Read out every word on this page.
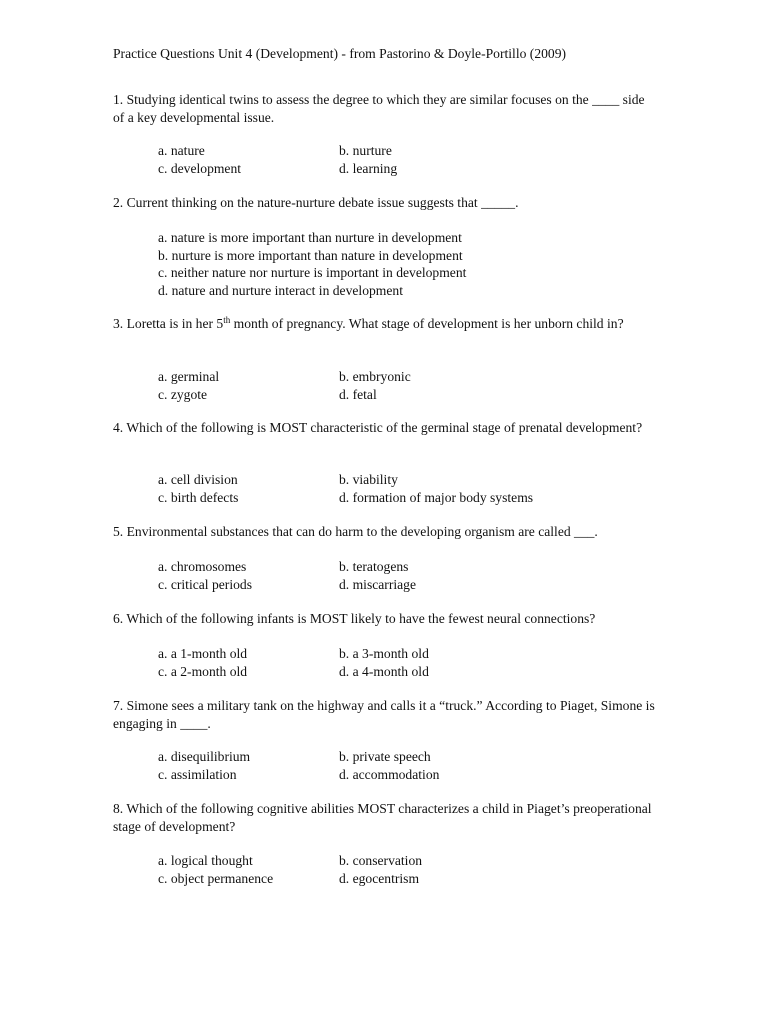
Practice Questions Unit 4 (Development) - from Pastorino & Doyle-Portillo (2009)

1. Studying identical twins to assess the degree to which they are similar focuses on the ____ side of a key developmental issue.

a. nature	b. nurture
c. development	d. learning

2. Current thinking on the nature-nurture debate issue suggests that _____.

a. nature is more important than nurture in development
b. nurture is more important than nature in development
c. neither nature nor nurture is important in development
d. nature and nurture interact in development

3. Loretta is in her 5th month of pregnancy. What stage of development is her unborn child in?

a. germinal	b. embryonic
c. zygote	d. fetal

4. Which of the following is MOST characteristic of the germinal stage of prenatal development?

a. cell division	b. viability
c. birth defects	d. formation of major body systems

5. Environmental substances that can do harm to the developing organism are called ___.

a. chromosomes	b. teratogens
c. critical periods	d. miscarriage

6. Which of the following infants is MOST likely to have the fewest neural connections?

a. a 1-month old	b. a 3-month old
c. a 2-month old	d. a 4-month old

7. Simone sees a military tank on the highway and calls it a “truck.” According to Piaget, Simone is engaging in ____.

a. disequilibrium	b. private speech
c. assimilation	d. accommodation

8. Which of the following cognitive abilities MOST characterizes a child in Piaget’s preoperational stage of development?

a. logical thought	b. conservation
c. object permanence	d. egocentrism
